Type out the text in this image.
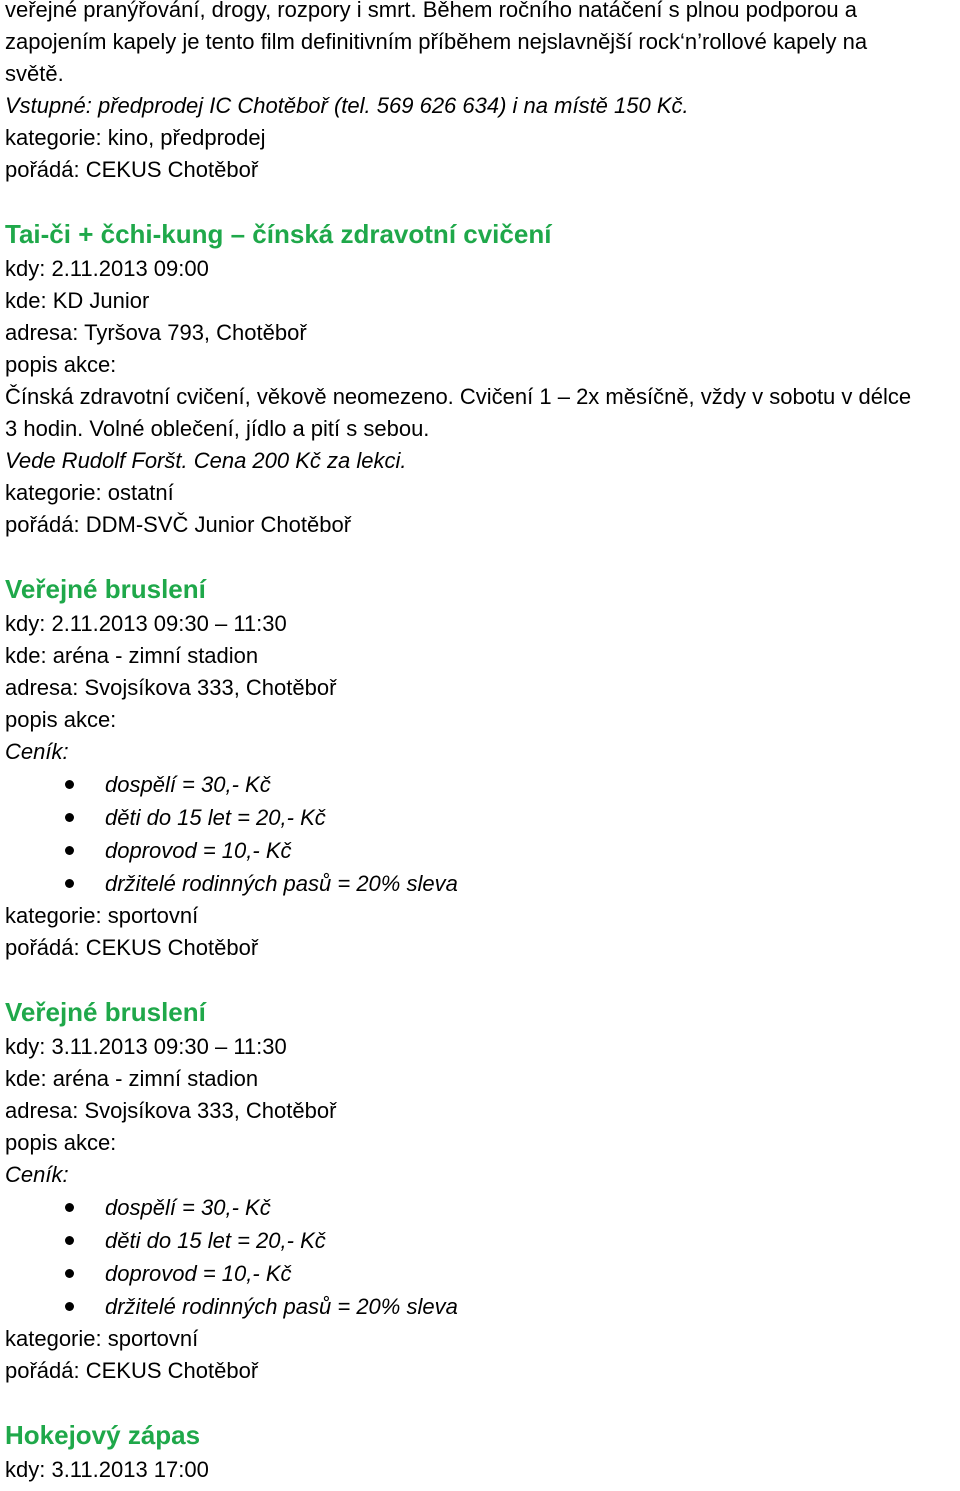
veřejné pranýřování, drogy, rozpory i smrt. Během ročního natáčení s plnou podporou a
zapojením kapely je tento film definitivním příběhem nejslavnější rock‘n’rollové kapely na
světě.
Vstupné: předprodej IC Chotěboř (tel. 569 626 634) i na místě 150 Kč.
kategorie: kino, předprodej
pořádá: CEKUS Chotěboř
Tai-či + čchi-kung – čínská zdravotní cvičení
kdy: 2.11.2013 09:00
kde: KD Junior
adresa: Tyršova 793, Chotěboř
popis akce:
Čínská zdravotní cvičení, věkově neomezeno. Cvičení 1 – 2x měsíčně, vždy v sobotu v délce
3 hodin. Volné oblečení, jídlo a pití s sebou.
Vede Rudolf Foršt. Cena 200 Kč za lekci.
kategorie: ostatní
pořádá: DDM-SVČ Junior Chotěboř
Veřejné bruslení
kdy: 2.11.2013 09:30 – 11:30
kde: aréna - zimní stadion
adresa: Svojsíkova 333, Chotěboř
popis akce:
Ceník:
dospělí = 30,- Kč
děti do 15 let = 20,- Kč
doprovod = 10,- Kč
držitelé rodinných pasů = 20% sleva
kategorie: sportovní
pořádá: CEKUS Chotěboř
Veřejné bruslení
kdy: 3.11.2013 09:30 – 11:30
kde: aréna - zimní stadion
adresa: Svojsíkova 333, Chotěboř
popis akce:
Ceník:
dospělí = 30,- Kč
děti do 15 let = 20,- Kč
doprovod = 10,- Kč
držitelé rodinných pasů = 20% sleva
kategorie: sportovní
pořádá: CEKUS Chotěboř
Hokejový zápas
kdy: 3.11.2013 17:00
